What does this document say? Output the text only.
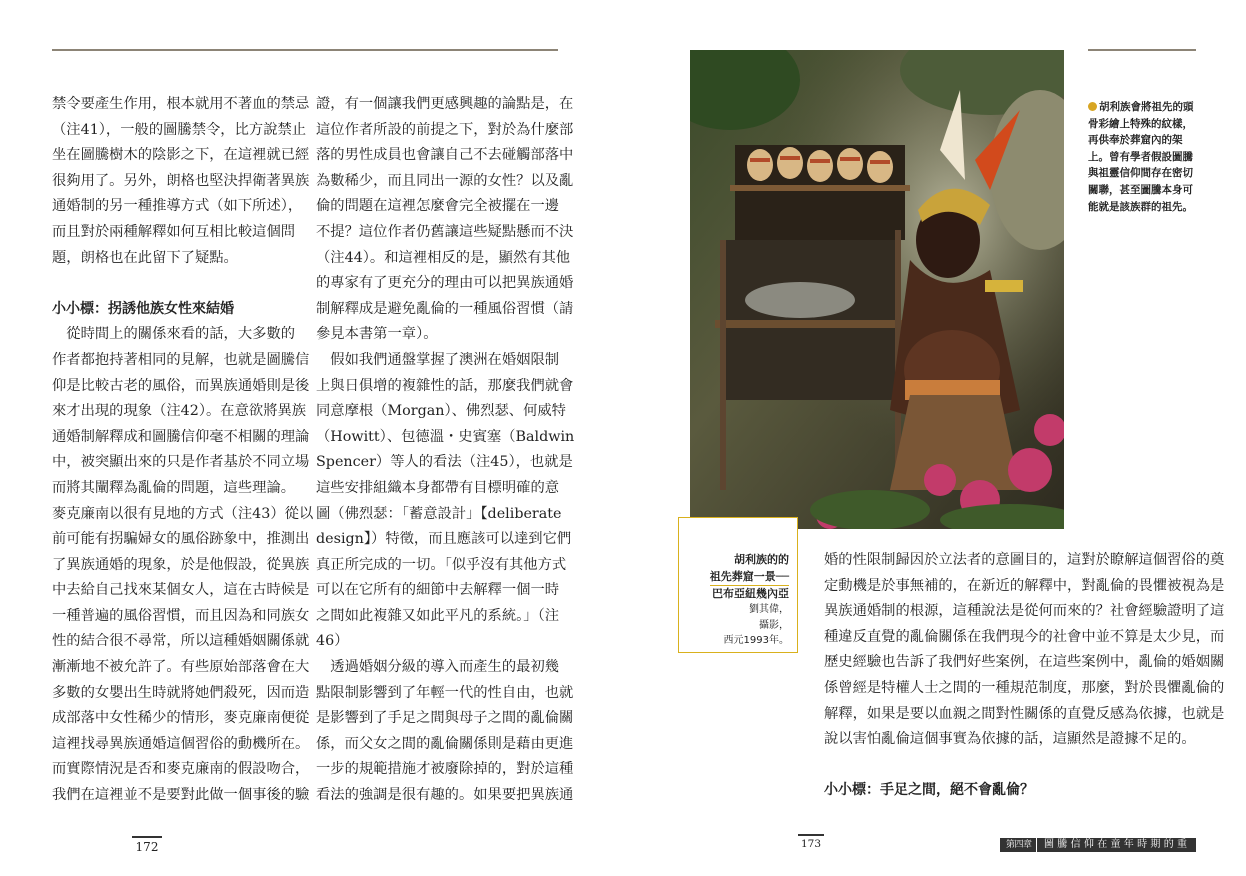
禁令要產生作用，根本就用不著血的禁忌
（注41），一般的圖騰禁令，比方說禁止
坐在圖騰樹木的陰影之下，在這裡就已經
很夠用了。另外，朗格也堅決捍衛著異族
通婚制的另一種推導方式（如下所述），
而且對於兩種解釋如何互相比較這個問
題，朗格也在此留下了疑點。
小小標：拐誘他族女性來結婚
　從時間上的關係來看的話，大多數的
作者都抱持著相同的見解，也就是圖騰信
仰是比較古老的風俗，而異族通婚則是後
來才出現的現象（注42）。在意欲將異族
通婚制解釋成和圖騰信仰毫不相關的理論
中，被突顯出來的只是作者基於不同立場
而將其闡釋為亂倫的問題，這些理論。
麥克廉南以很有見地的方式（注43）從以
前可能有拐騙婦女的風俗跡象中，推測出
了異族通婚的現象，於是他假設，從異族
中去給自己找來某個女人，這在古時候是
一種普遍的風俗習慣，而且因為和同族女
性的結合很不尋常，所以這種婚姻關係就
漸漸地不被允許了。有些原始部落會在大
多數的女嬰出生時就將她們殺死，因而造
成部落中女性稀少的情形，麥克廉南便從
這裡找尋異族通婚這個習俗的動機所在。
而實際情況是否和麥克廉南的假設吻合，
我們在這裡並不是要對此做一個事後的驗
證，有一個讓我們更感興趣的論點是，在
這位作者所設的前提之下，對於為什麼部
落的男性成員也會讓自己不去碰觸部落中
為數稀少，而且同出一源的女性？以及亂
倫的問題在這裡怎麼會完全被擺在一邊
不提？這位作者仍舊讓這些疑點懸而不決
（注44）。和這裡相反的是，顯然有其他
的專家有了更充分的理由可以把異族通婚
制解釋成是避免亂倫的一種風俗習慣（請
參見本書第一章）。
　假如我們通盤掌握了澳洲在婚姻限制
上與日俱增的複雜性的話，那麼我們就會
同意摩根（Morgan）、佛烈瑟、何威特
（Howitt）、包德溫・史賓塞（Baldwin
Spencer）等人的看法（注45），也就是
這些安排組織本身都帶有目標明確的意
圖（佛烈瑟：「蓄意設計」【deliberate
design】）特徵，而且應該可以達到它們
真正所完成的一切。「似乎沒有其他方式
可以在它所有的細節中去解釋一個一時
之間如此複雜又如此平凡的系統。」（注
46）
　透過婚姻分級的導入而產生的最初幾
點限制影響到了年輕一代的性自由，也就
是影響到了手足之間與母子之間的亂倫關
係，而父女之間的亂倫關係則是藉由更進
一步的規範措施才被廢除掉的，對於這種
看法的強調是很有趣的。如果要把異族通
172
胡利族會將祖先的頭
骨彩繪上特殊的紋樣，
再供奉於葬窟內的架
上。曾有學者假設圖騰
與祖靈信仰間存在密切
關聯，甚至圖騰本身可
能就是該族群的祖先。
胡利族的的
祖先葬窟一景──
巴布亞紐幾內亞
劉其偉，
攝影，
西元1993年。
婚的性限制歸因於立法者的意圖目的，這對於瞭解這個習俗的奠
定動機是於事無補的，在新近的解釋中，對亂倫的畏懼被視為是
異族通婚制的根源，這種說法是從何而來的？社會經驗證明了這
種違反直覺的亂倫關係在我們現今的社會中並不算是太少見，而
歷史經驗也告訴了我們好些案例，在這些案例中，亂倫的婚姻關
係曾經是特權人士之間的一種規范制度，那麼，對於畏懼亂倫的
解釋，如果是要以血親之間對性關係的直覺反感為依據，也就是
說以害怕亂倫這個事實為依據的話，這顯然是證據不足的。
小小標：手足之間，絕不會亂倫？
173	第四章 圖騰信仰在童年時期的重現
